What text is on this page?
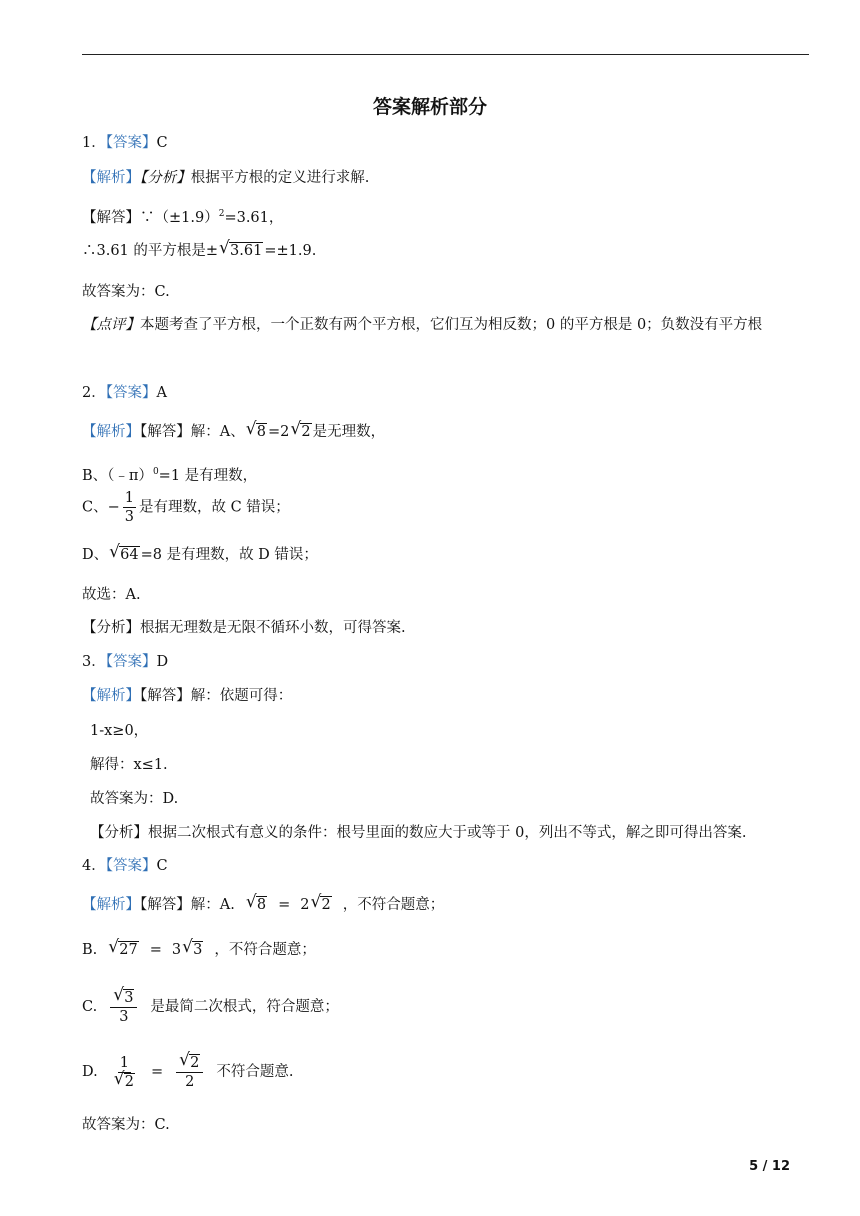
答案解析部分
1．【答案】C
【解析】【分析】根据平方根的定义进行求解.
【解答】$\because(\pm 1.9)^2=3.61$，
∴3.61 的平方根是± √ 3.61 =±1.9.
故答案为：C.
【点评】本题考查了平方根，一个正数有两个平方根，它们互为相反数；0 的平方根是 0；负数没有平方根
2．【答案】A
【解析】【解答】解：A、 √ 8 =2 √ 2 是无理数，
B、（﹣π）$^0$=1 是有理数，
C、− $\frac{1}{3}$ 是有理数，故 C 错误；
D、 √ 64 =8 是有理数，故 D 错误；
故选：A.
【分析】根据无理数是无限不循环小数，可得答案.
3．【答案】D
【解析】【解答】解：依题可得：
1-x≥0，
解得：x≤1.
故答案为：D.
【分析】根据二次根式有意义的条件：根号里面的数应大于或等于 0，列出不等式，解之即可得出答案.
4．【答案】C
【解析】【解答】解：A. √ 8 = 2 √ 2 ，不符合题意；
B. √ 27 = 3 √ 3 ，不符合题意；
C. √ $\frac{3}{3}$ 是最简二次根式，符合题意；
D. 1
√ 2 = √ $\frac{2}{2}$ 不符合题意.
故答案为：C.
5 / 12
